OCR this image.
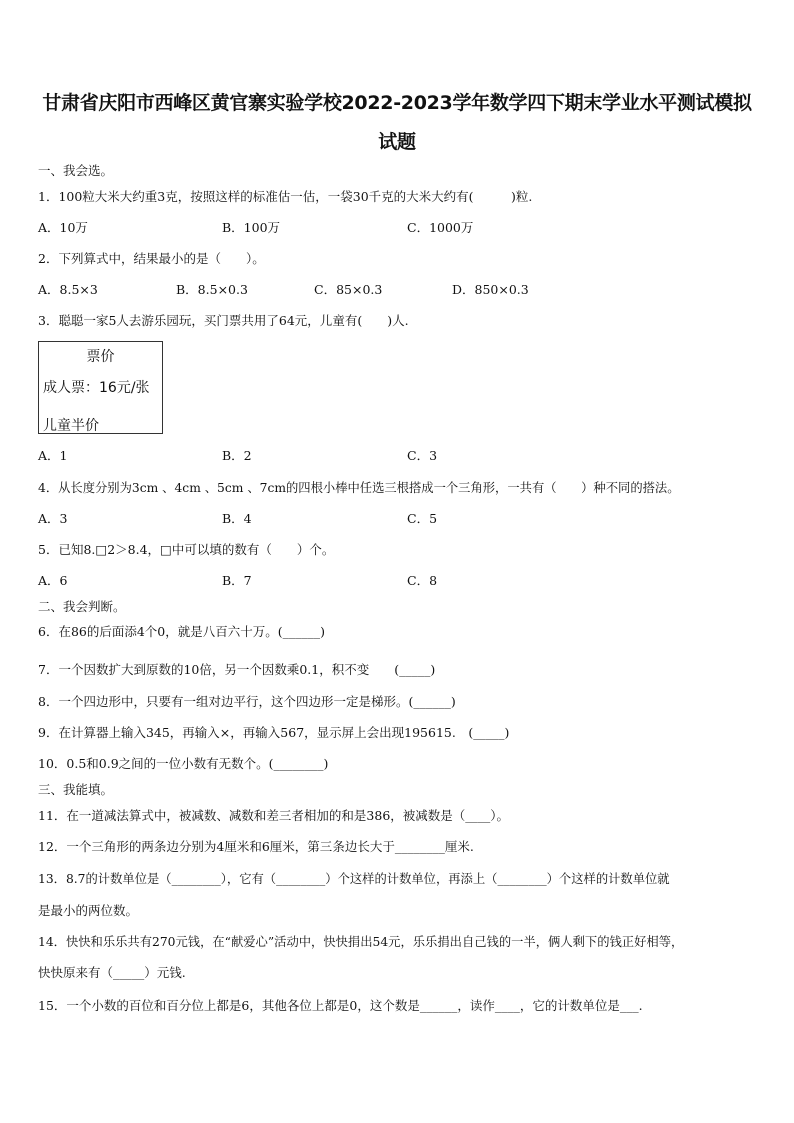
甘肃省庆阳市西峰区黄官寨实验学校2022-2023学年数学四下期末学业水平测试模拟
试题
一、我会选。
1．100粒大米大约重3克，按照这样的标准估一估，一袋30千克的大米大约有(　　　)粒.
A．10万	B．100万	C．1000万
2．下列算式中，结果最小的是（　　）。
A．8.5×3	B．8.5×0.3	C．85×0.3	D．850×0.3
3．聪聪一家5人去游乐园玩，买门票共用了64元，儿童有(　　)人.
票价
成人票：16元/张
儿童半价
A．1	B．2	C．3
4．从长度分别为3cm 、4cm 、5cm 、7cm的四根小棒中任选三根搭成一个三角形，一共有（　　）种不同的搭法。
A．3	B．4	C．5
5．已知8.□2＞8.4，□中可以填的数有（　　）个。
A．6	B．7	C．8
二、我会判断。
6．在86的后面添4个0，就是八百六十万。(______)
7．一个因数扩大到原数的10倍，另一个因数乘0.1，积不变　　(_____)
8．一个四边形中，只要有一组对边平行，这个四边形一定是梯形。(______)
9．在计算器上输入345，再输入×，再输入567，显示屏上会出现195615.　(_____)
10．0.5和0.9之间的一位小数有无数个。(________)
三、我能填。
11．在一道减法算式中，被减数、减数和差三者相加的和是386，被减数是（____）。
12．一个三角形的两条边分别为4厘米和6厘米，第三条边长大于________厘米.
13．8.7的计数单位是（________），它有（________）个这样的计数单位，再添上（________）个这样的计数单位就
是最小的两位数。
14．快快和乐乐共有270元钱，在“献爱心”活动中，快快捐出54元，乐乐捐出自己钱的一半，俩人剩下的钱正好相等，
快快原来有（_____）元钱.
15．一个小数的百位和百分位上都是6，其他各位上都是0，这个数是______，读作____，它的计数单位是___.
